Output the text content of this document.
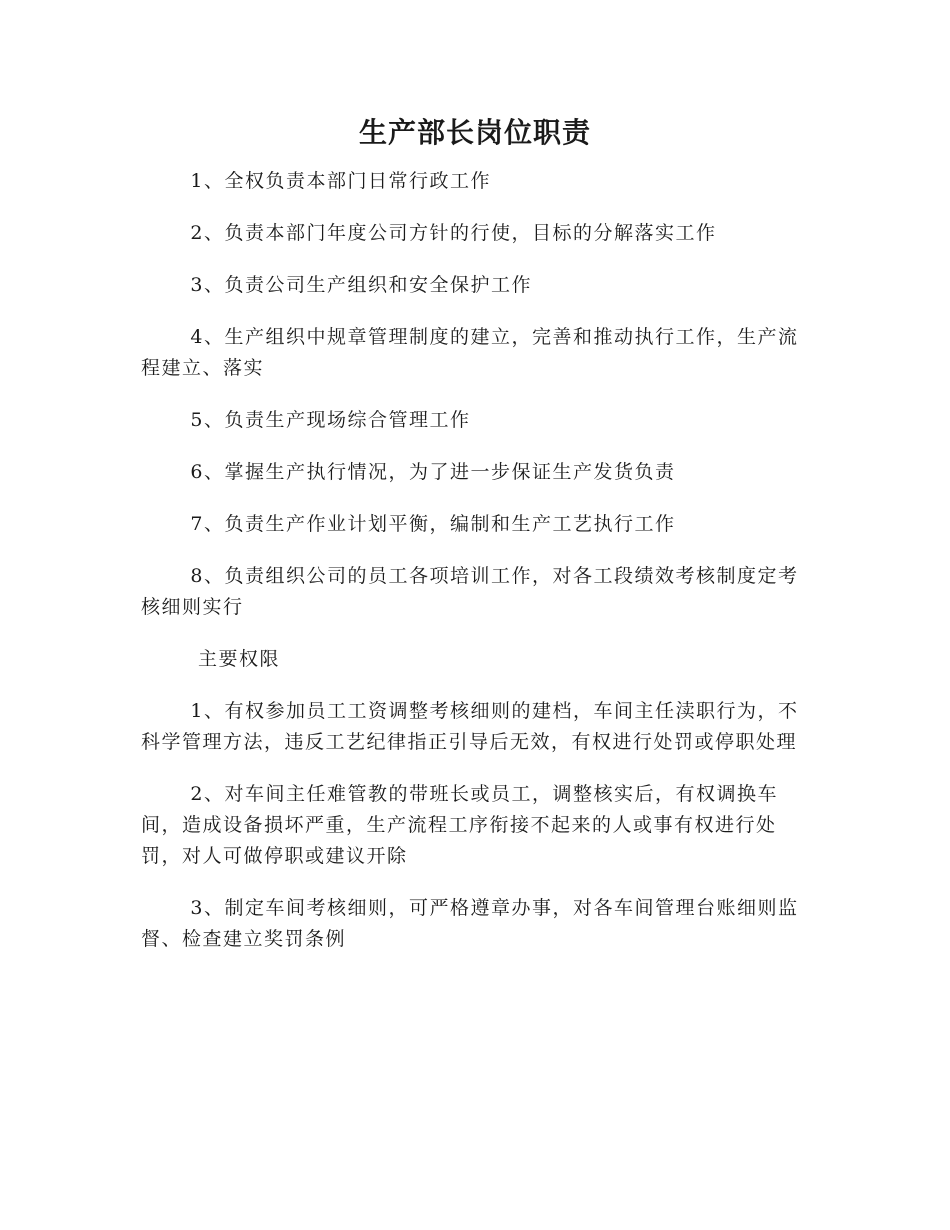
生产部长岗位职责

1、全权负责本部门日常行政工作

2、负责本部门年度公司方针的行使，目标的分解落实工作

3、负责公司生产组织和安全保护工作

4、生产组织中规章管理制度的建立，完善和推动执行工作，生产流程建立、落实

5、负责生产现场综合管理工作

6、掌握生产执行情况，为了进一步保证生产发货负责

7、负责生产作业计划平衡，编制和生产工艺执行工作

8、负责组织公司的员工各项培训工作，对各工段绩效考核制度定考核细则实行

主要权限

1、有权参加员工工资调整考核细则的建档，车间主任渎职行为，不科学管理方法，违反工艺纪律指正引导后无效，有权进行处罚或停职处理

2、对车间主任难管教的带班长或员工，调整核实后，有权调换车间，造成设备损坏严重，生产流程工序衔接不起来的人或事有权进行处罚，对人可做停职或建议开除

3、制定车间考核细则，可严格遵章办事，对各车间管理台账细则监督、检查建立奖罚条例
